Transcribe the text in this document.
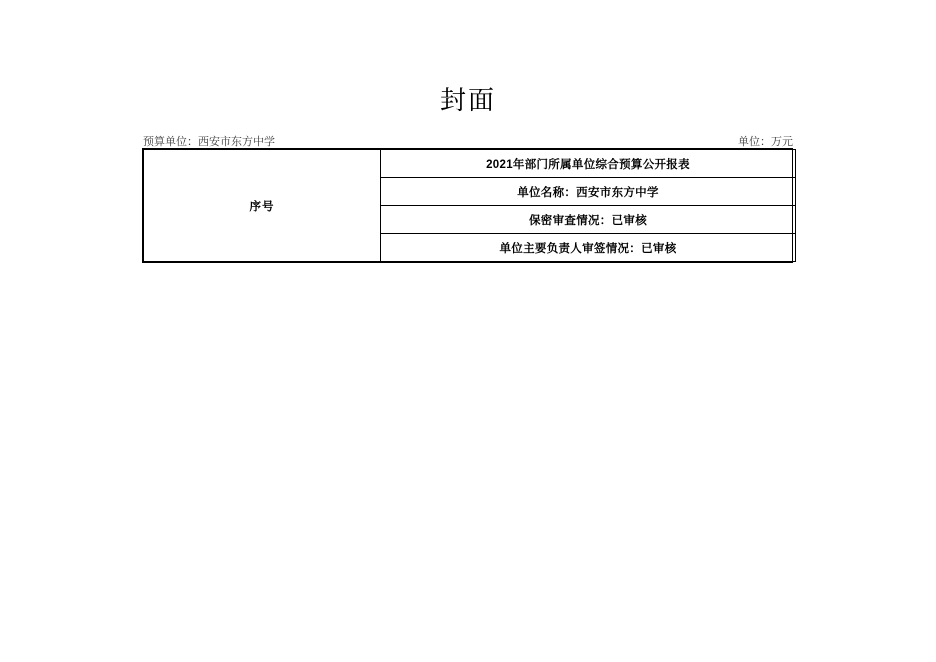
封面
预算单位：西安市东方中学	单位：万元
序号	2021年部门所属单位综合预算公开报表
单位名称：西安市东方中学
保密审查情况：已审核
单位主要负责人审签情况：已审核
